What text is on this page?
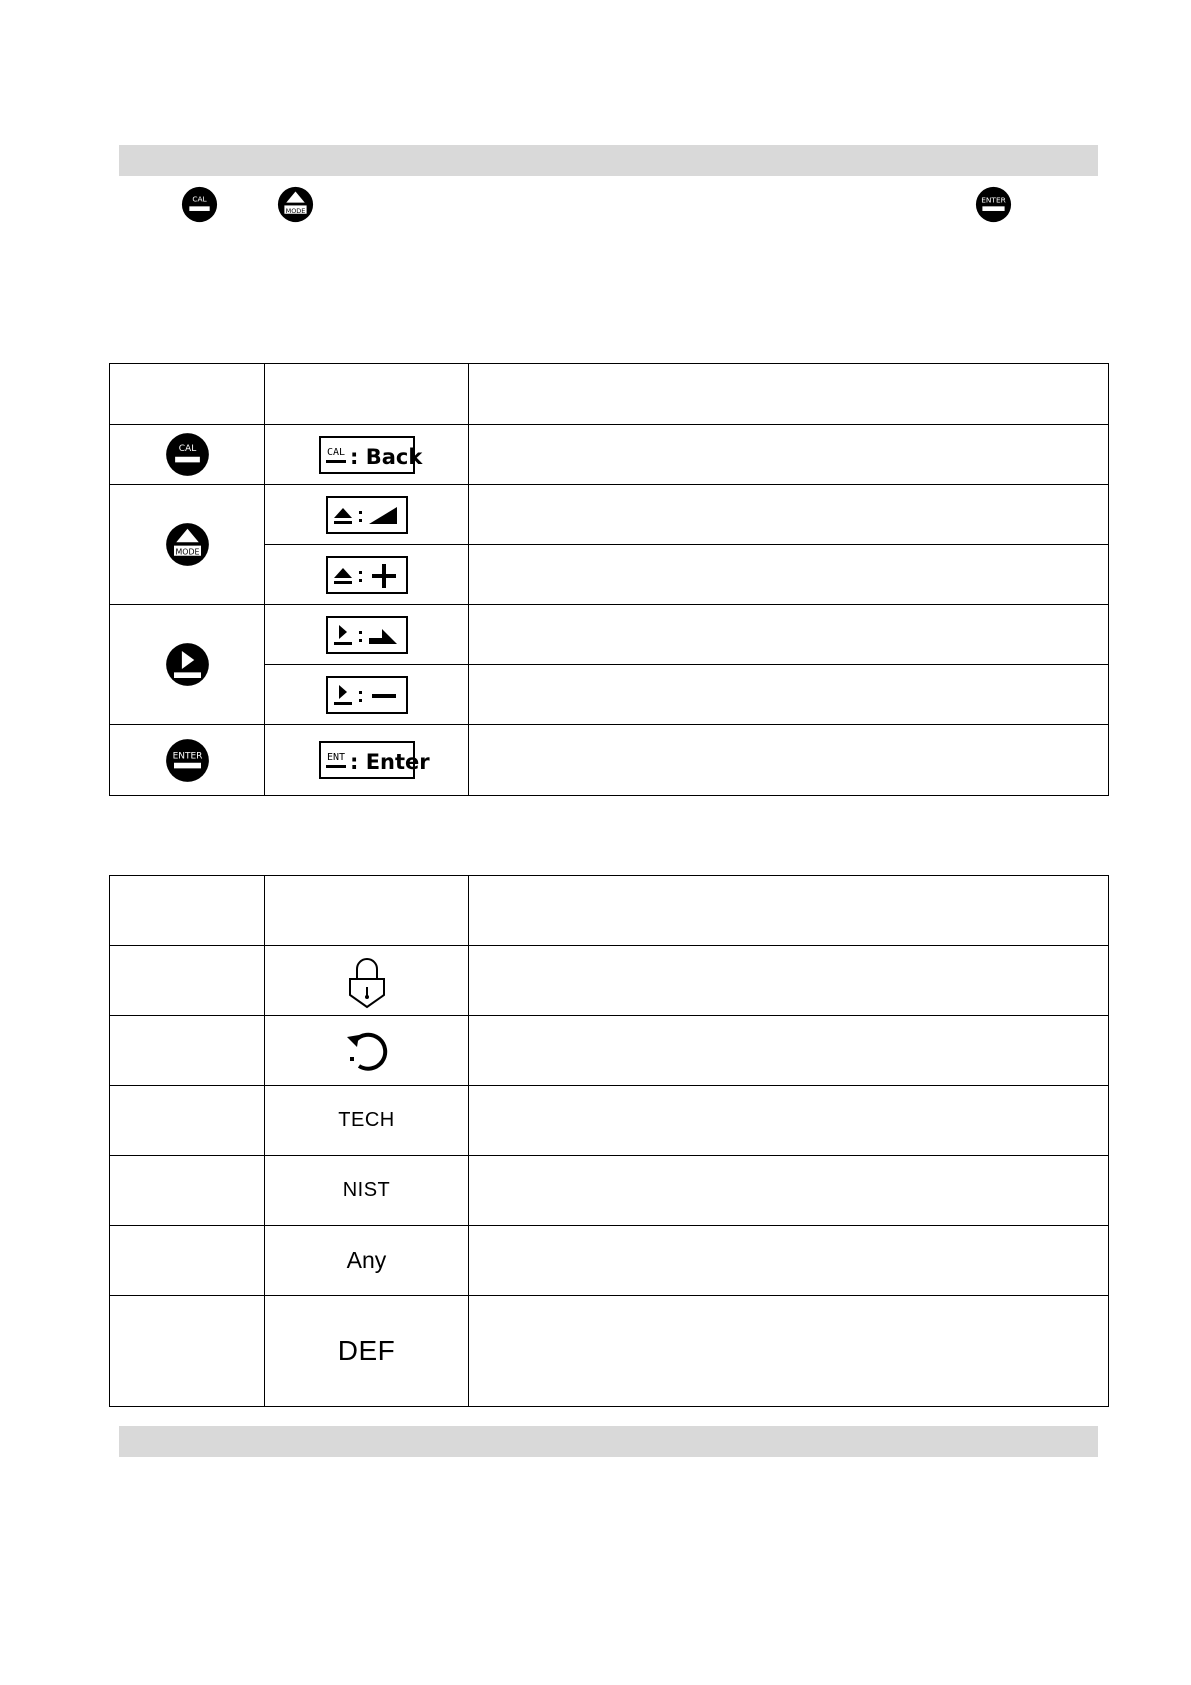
CAL
MODE
ENTER

CAL	CAL : Back	

MODE

ENTER	ENT : Enter	

	TECH	
	NIST	
	Any	
	DEF	
